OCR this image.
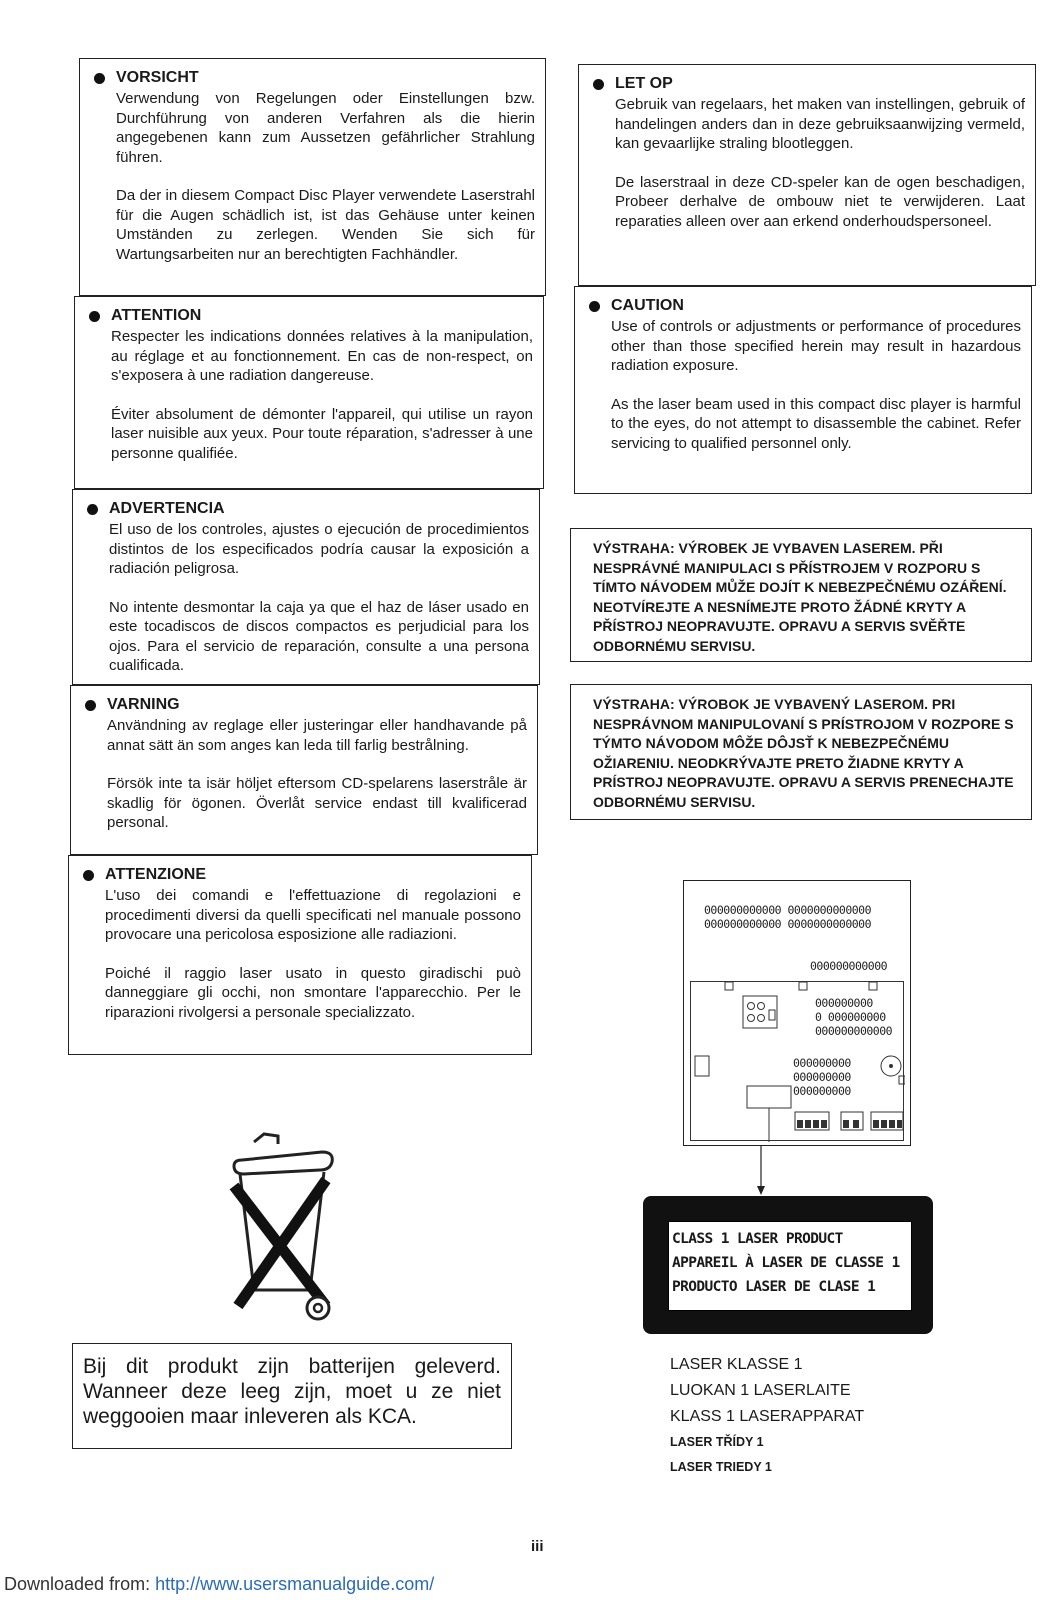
VORSICHT

Verwendung von Regelungen oder Einstellungen bzw. Durchführung von anderen Verfahren als die hierin angegebenen kann zum Aussetzen gefährlicher Strahlung führen.

Da der in diesem Compact Disc Player verwendete Laserstrahl für die Augen schädlich ist, ist das Gehäuse unter keinen Umständen zu zerlegen. Wenden Sie sich für Wartungsarbeiten nur an berechtigten Fachhändler.

ATTENTION

Respecter les indications données relatives à la manipulation, au réglage et au fonctionnement. En cas de non-respect, on s'exposera à une radiation dangereuse.

Éviter absolument de démonter l'appareil, qui utilise un rayon laser nuisible aux yeux. Pour toute réparation, s'adresser à une personne qualifiée.

ADVERTENCIA

El uso de los controles, ajustes o ejecución de procedimientos distintos de los especificados podría causar la exposición a radiación peligrosa.

No intente desmontar la caja ya que el haz de láser usado en este tocadiscos de discos compactos es perjudicial para los ojos. Para el servicio de reparación, consulte a una persona cualificada.

VARNING

Användning av reglage eller justeringar eller handhavande på annat sätt än som anges kan leda till farlig bestrålning.

Försök inte ta isär höljet eftersom CD-spelarens laserstråle är skadlig för ögonen. Överlåt service endast till kvalificerad personal.

ATTENZIONE

L'uso dei comandi e l'effettuazione di regolazioni e procedimenti diversi da quelli specificati nel manuale possono provocare una pericolosa esposizione alle radiazioni.

Poiché il raggio laser usato in questo giradischi può danneggiare gli occhi, non smontare l'apparecchio. Per le riparazioni rivolgersi a personale specializzato.

LET OP

Gebruik van regelaars, het maken van instellingen, gebruik of handelingen anders dan in deze gebruiksaanwijzing vermeld, kan gevaarlijke straling blootleggen.

De laserstraal in deze CD-speler kan de ogen beschadigen, Probeer derhalve de ombouw niet te verwijderen. Laat reparaties alleen over aan erkend onderhoudspersoneel.

CAUTION

Use of controls or adjustments or performance of procedures other than those specified herein may result in hazardous radiation exposure.

As the laser beam used in this compact disc player is harmful to the eyes, do not attempt to disassemble the cabinet. Refer servicing to qualified personnel only.

VÝSTRAHA: VÝROBEK JE VYBAVEN LASEREM. PŘI NESPRÁVNÉ MANIPULACI S PŘÍSTROJEM V ROZPORU S TÍMTO NÁVODEM MŮŽE DOJÍT K NEBEZPEČNÉMU OZÁŘENÍ. NEOTVÍREJTE A NESNÍMEJTE PROTO ŽÁDNÉ KRYTY A PŘÍSTROJ NEOPRAVUJTE. OPRAVU A SERVIS SVĚŘTE ODBORNÉMU SERVISU.
VÝSTRAHA: VÝROBOK JE VYBAVENÝ LASEROM. PRI NESPRÁVNOM MANIPULOVANÍ S PRÍSTROJOM V ROZPORE S TÝMTO NÁVODOM MÔŽE DÔJSŤ K NEBEZPEČNÉMU OŽIARENIU. NEODKRÝVAJTE PRETO ŽIADNE KRYTY A PRÍSTROJ NEOPRAVUJTE. OPRAVU A SERVIS PRENECHAJTE ODBORNÉMU SERVISU.
000000000000 0000000000000
000000000000 0000000000000
000000000000
000000000
0 000000000
000000000000
000000000
000000000
000000000
CLASS 1 LASER PRODUCT
APPAREIL À LASER DE CLASSE 1
PRODUCTO LASER DE CLASE 1
LASER KLASSE 1
LUOKAN 1 LASERLAITE
KLASS 1 LASERAPPARAT
LASER TŘÍDY 1
LASER TRIEDY 1
Bij dit produkt zijn batterijen geleverd. Wanneer deze leeg zijn, moet u ze niet weggooien maar inleveren als KCA.
iii
Downloaded from: http://www.usersmanualguide.com/
